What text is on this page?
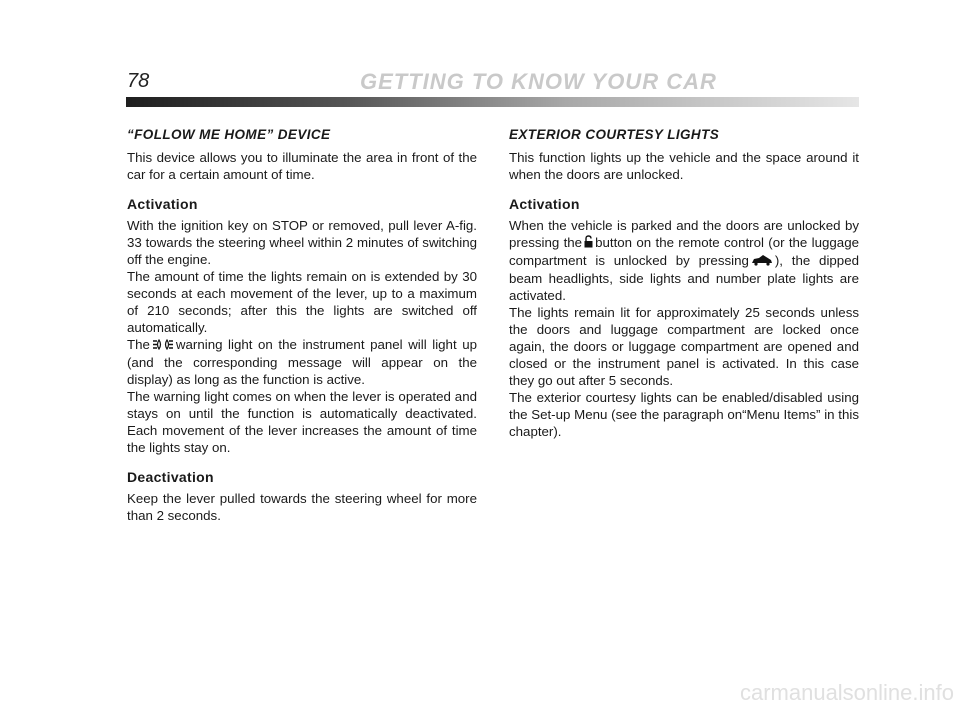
78	GETTING TO KNOW YOUR CAR
“FOLLOW ME HOME” DEVICE

This device allows you to illuminate the area in front of the car for a certain amount of time.

Activation

With the ignition key on STOP or removed, pull lever A-fig. 33 towards the steering wheel within 2 minutes of switching off the engine.

The amount of time the lights remain on is extended by 30 seconds at each movement of the lever, up to a maximum of 210 seconds; after this the lights are switched off automatically.

The warning light on the instrument panel will light up (and the corresponding message will appear on the display) as long as the function is active.

The warning light comes on when the lever is operated and stays on until the function is automatically deactivated. Each movement of the lever increases the amount of time the lights stay on.

Deactivation

Keep the lever pulled towards the steering wheel for more than 2 seconds.

EXTERIOR COURTESY LIGHTS

This function lights up the vehicle and the space around it when the doors are unlocked.

Activation

When the vehicle is parked and the doors are unlocked by pressing the button on the remote control (or the luggage compartment is unlocked by pressing ), the dipped beam headlights, side lights and number plate lights are activated.

The lights remain lit for approximately 25 seconds unless the doors and luggage compartment are locked once again, the doors or luggage compartment are opened and closed or the instrument panel is activated. In this case they go out after 5 seconds.

The exterior courtesy lights can be enabled/disabled using the Set-up Menu (see the paragraph on“Menu Items” in this chapter).

carmanualsonline.info
